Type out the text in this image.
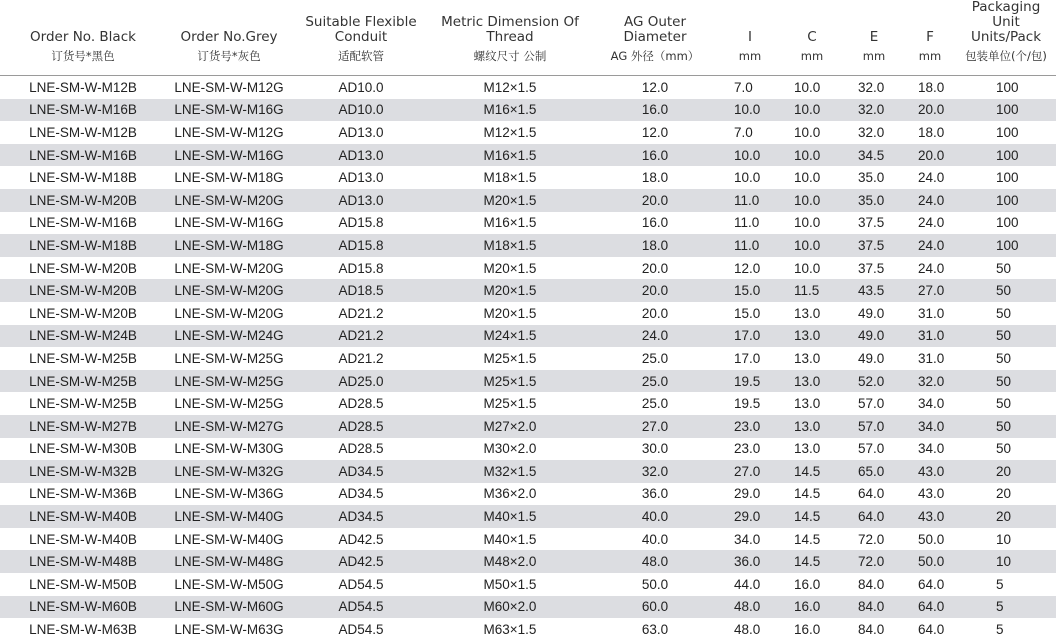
Order No. Black	Order No.Grey	Suitable Flexible Conduit	Metric Dimension Of Thread	AG Outer Diameter	I	C	E	F	Packaging Unit Units/Pack
订货号*黑色	订货号*灰色	适配软管	螺纹尺寸 公制	AG 外径（mm）	mm	mm	mm	mm	包装单位(个/包)
LNE-SM-W-M12B	LNE-SM-W-M12G	AD10.0	M12×1.5	12.0	7.0	10.0	32.0	18.0	100
LNE-SM-W-M16B	LNE-SM-W-M16G	AD10.0	M16×1.5	16.0	10.0	10.0	32.0	20.0	100
LNE-SM-W-M12B	LNE-SM-W-M12G	AD13.0	M12×1.5	12.0	7.0	10.0	32.0	18.0	100
LNE-SM-W-M16B	LNE-SM-W-M16G	AD13.0	M16×1.5	16.0	10.0	10.0	34.5	20.0	100
LNE-SM-W-M18B	LNE-SM-W-M18G	AD13.0	M18×1.5	18.0	10.0	10.0	35.0	24.0	100
LNE-SM-W-M20B	LNE-SM-W-M20G	AD13.0	M20×1.5	20.0	11.0	10.0	35.0	24.0	100
LNE-SM-W-M16B	LNE-SM-W-M16G	AD15.8	M16×1.5	16.0	11.0	10.0	37.5	24.0	100
LNE-SM-W-M18B	LNE-SM-W-M18G	AD15.8	M18×1.5	18.0	11.0	10.0	37.5	24.0	100
LNE-SM-W-M20B	LNE-SM-W-M20G	AD15.8	M20×1.5	20.0	12.0	10.0	37.5	24.0	50
LNE-SM-W-M20B	LNE-SM-W-M20G	AD18.5	M20×1.5	20.0	15.0	11.5	43.5	27.0	50
LNE-SM-W-M20B	LNE-SM-W-M20G	AD21.2	M20×1.5	20.0	15.0	13.0	49.0	31.0	50
LNE-SM-W-M24B	LNE-SM-W-M24G	AD21.2	M24×1.5	24.0	17.0	13.0	49.0	31.0	50
LNE-SM-W-M25B	LNE-SM-W-M25G	AD21.2	M25×1.5	25.0	17.0	13.0	49.0	31.0	50
LNE-SM-W-M25B	LNE-SM-W-M25G	AD25.0	M25×1.5	25.0	19.5	13.0	52.0	32.0	50
LNE-SM-W-M25B	LNE-SM-W-M25G	AD28.5	M25×1.5	25.0	19.5	13.0	57.0	34.0	50
LNE-SM-W-M27B	LNE-SM-W-M27G	AD28.5	M27×2.0	27.0	23.0	13.0	57.0	34.0	50
LNE-SM-W-M30B	LNE-SM-W-M30G	AD28.5	M30×2.0	30.0	23.0	13.0	57.0	34.0	50
LNE-SM-W-M32B	LNE-SM-W-M32G	AD34.5	M32×1.5	32.0	27.0	14.5	65.0	43.0	20
LNE-SM-W-M36B	LNE-SM-W-M36G	AD34.5	M36×2.0	36.0	29.0	14.5	64.0	43.0	20
LNE-SM-W-M40B	LNE-SM-W-M40G	AD34.5	M40×1.5	40.0	29.0	14.5	64.0	43.0	20
LNE-SM-W-M40B	LNE-SM-W-M40G	AD42.5	M40×1.5	40.0	34.0	14.5	72.0	50.0	10
LNE-SM-W-M48B	LNE-SM-W-M48G	AD42.5	M48×2.0	48.0	36.0	14.5	72.0	50.0	10
LNE-SM-W-M50B	LNE-SM-W-M50G	AD54.5	M50×1.5	50.0	44.0	16.0	84.0	64.0	5
LNE-SM-W-M60B	LNE-SM-W-M60G	AD54.5	M60×2.0	60.0	48.0	16.0	84.0	64.0	5
LNE-SM-W-M63B	LNE-SM-W-M63G	AD54.5	M63×1.5	63.0	48.0	16.0	84.0	64.0	5
